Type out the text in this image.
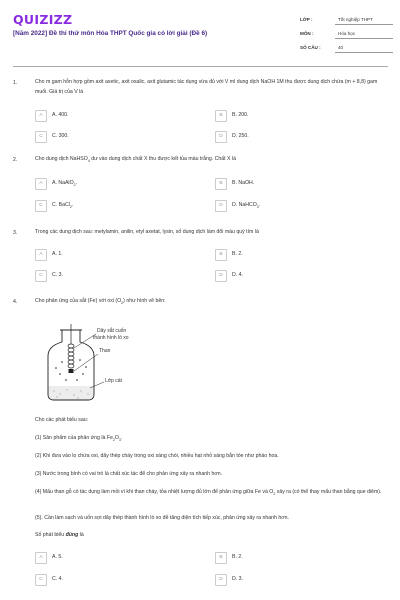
QUIZIZZ
[Năm 2022] Đề thi thử môn Hóa THPT Quốc gia có lời giải (Đề 6)
LỚP :	Tốt nghiệp THPT
MÔN :	Hóa học
SỐ CÂU :	40
1.	Cho m gam hỗn hợp gồm axit axetic, axit oxalic, axit glutamic tác dụng vừa đủ với V ml dung dịch NaOH 1M thu được dung dịch chứa (m + 8,8) gam muối. Giá trị của V là
A	A. 400.	B	B. 200.
C	C. 300.	D	D. 250.
2.	Cho dung dịch NaHSO$_4$ dư vào dung dịch chất X thu được kết tủa màu trắng. Chất X là
A	A. NaAlO$_2$.	B	B. NaOH.
C	C. BaCl$_2$.	D	D. NaHCO$_3$.
3.	Trong các dung dịch sau: metylamin, anilin, etyl axetat, lysin, số dung dịch làm đổi màu quỳ tím là
A	A. 1.	B	B. 2.
C	C. 3.	D	D. 4.
4.	Cho phản ứng của sắt (Fe) với oxi $(O_2)$ như hình vẽ bên:
Dây sắt cuốn
thành hình lò xo
Than
Lớp cát
Cho các phát biểu sau:
(1) Sản phẩm của phản ứng là $Fe_2O_3$.
(2) Khi đưa vào lọ chứa oxi, dây thép cháy trong oxi sáng chói, nhiều hạt nhỏ sáng bắn tóe như pháo hoa.
(3) Nước trong bình có vai trò là chất xúc tác để cho phản ứng xảy ra nhanh hơn.
(4) Mẩu than gỗ có tác dụng làm mồi vì khi than cháy, tỏa nhiệt lượng đủ lớn để phản ứng giữa Fe và $O_2$ xảy ra (có thể thay mẩu than bằng que diêm).
(5). Cần làm sạch và uốn sợi dây thép thành hình lò xo để tăng diện tích tiếp xúc, phản ứng xảy ra nhanh hơn.
Số phát biểu đúng là
A	A. 5.	B	B. 2.
C	C. 4.	D	D. 3.
